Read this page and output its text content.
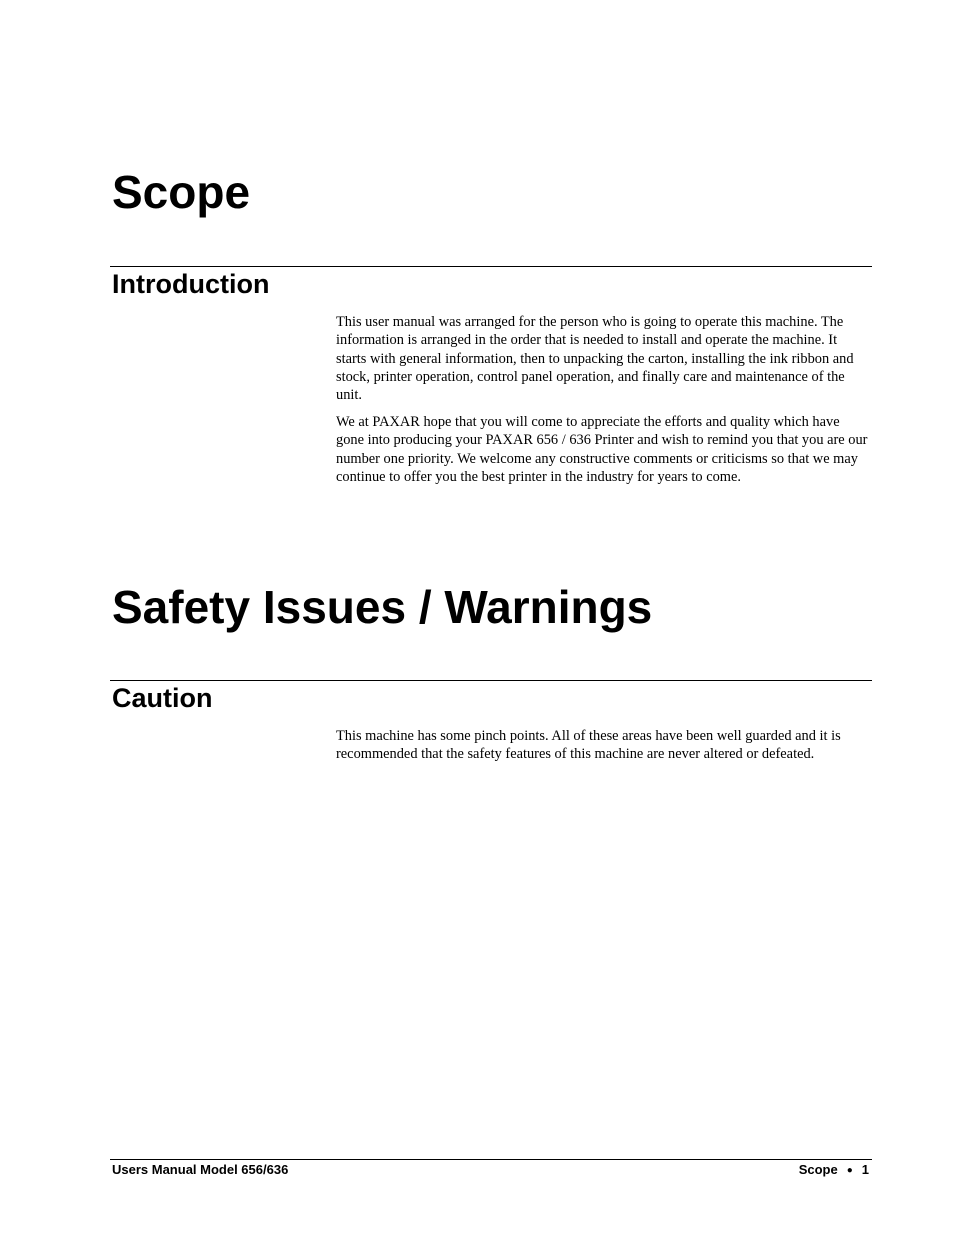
Scope
Introduction

This user manual was arranged for the person who is going to operate this machine. The information is arranged in the order that is needed to install and operate the machine. It starts with general information, then to unpacking the carton, installing the ink ribbon and stock, printer operation, control panel operation, and finally care and maintenance of the unit.

We at PAXAR hope that you will come to appreciate the efforts and quality which have gone into producing your PAXAR 656 / 636 Printer and wish to remind you that you are our number one priority. We welcome any constructive comments or criticisms so that we may continue to offer you the best printer in the industry for years to come.

Safety Issues / Warnings
Caution

This machine has some pinch points. All of these areas have been well guarded and it is recommended that the safety features of this machine are never altered or defeated.

Users Manual Model 656/636	Scope ● 1
